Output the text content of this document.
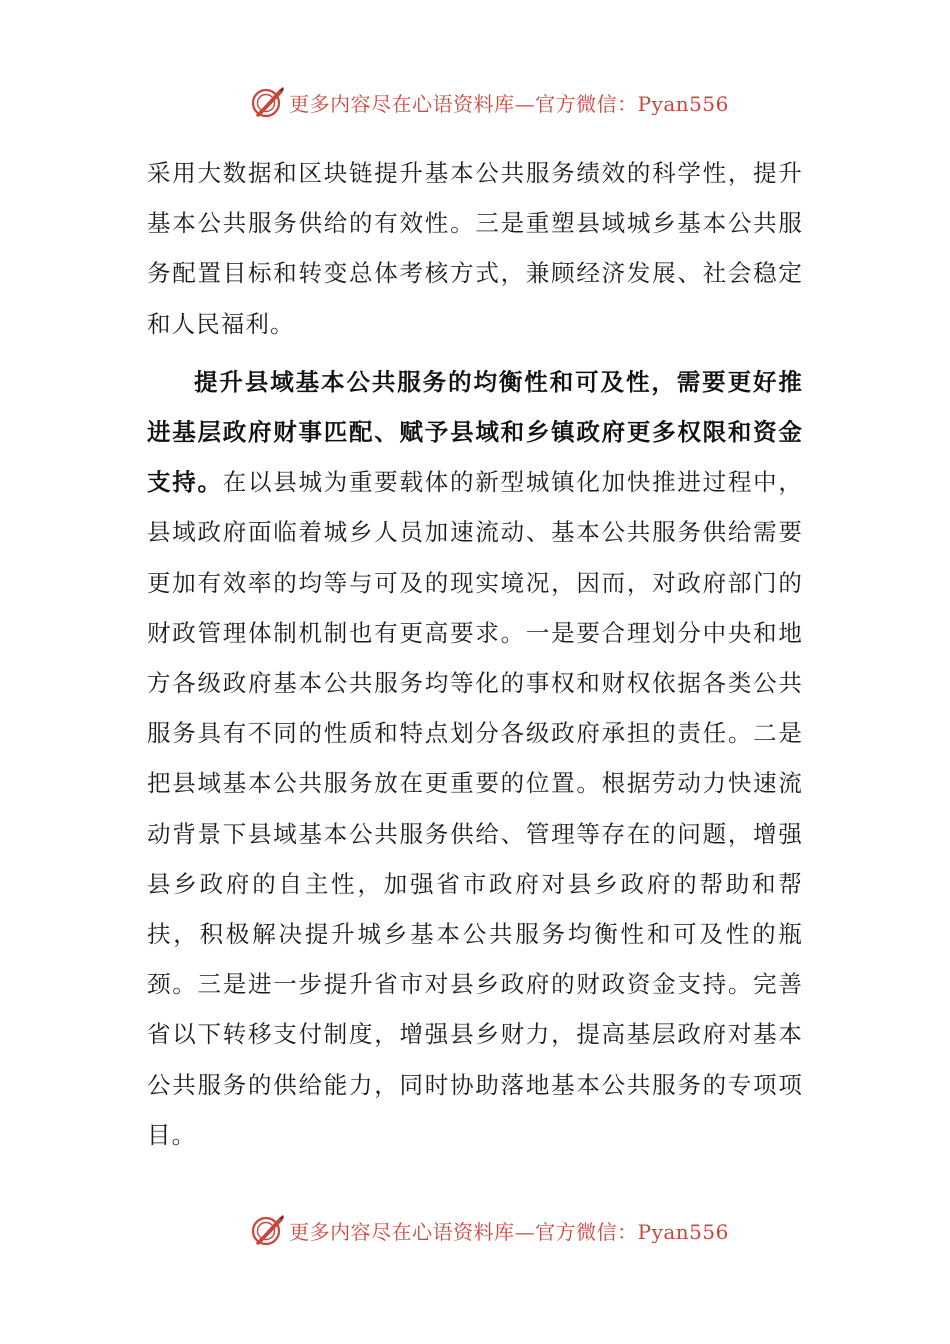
更多内容尽在心语资料库—官方微信：Pyan556

采用大数据和区块链提升基本公共服务绩效的科学性，提升基本公共服务供给的有效性。三是重塑县域城乡基本公共服务配置目标和转变总体考核方式，兼顾经济发展、社会稳定和人民福利。

提升县域基本公共服务的均衡性和可及性，需要更好推进基层政府财事匹配、赋予县域和乡镇政府更多权限和资金支持。在以县城为重要载体的新型城镇化加快推进过程中，县域政府面临着城乡人员加速流动、基本公共服务供给需要更加有效率的均等与可及的现实境况，因而，对政府部门的财政管理体制机制也有更高要求。一是要合理划分中央和地方各级政府基本公共服务均等化的事权和财权依据各类公共服务具有不同的性质和特点划分各级政府承担的责任。二是把县域基本公共服务放在更重要的位置。根据劳动力快速流动背景下县域基本公共服务供给、管理等存在的问题，增强县乡政府的自主性，加强省市政府对县乡政府的帮助和帮扶，积极解决提升城乡基本公共服务均衡性和可及性的瓶颈。三是进一步提升省市对县乡政府的财政资金支持。完善省以下转移支付制度，增强县乡财力，提高基层政府对基本公共服务的供给能力，同时协助落地基本公共服务的专项项目。

更多内容尽在心语资料库—官方微信：Pyan556
